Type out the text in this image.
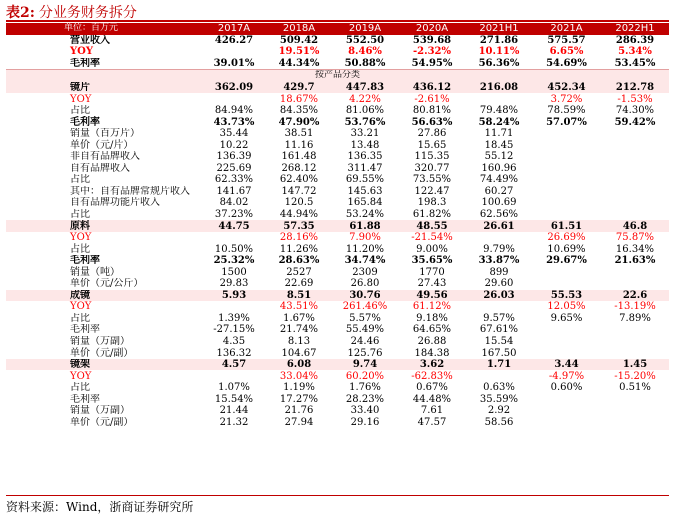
表2: 分业务财务拆分
单位：百万元	2017A	2018A	2019A	2020A	2021H1	2021A	2022H1
营业收入	426.27	509.42	552.50	539.68	271.86	575.57	286.39
YOY		19.51%	8.46%	-2.32%	10.11%	6.65%	5.34%
毛利率	39.01%	44.34%	50.88%	54.95%	56.36%	54.69%	53.45%
按产品分类							
镜片	362.09	429.7	447.83	436.12	216.08	452.34	212.78
YOY		18.67%	4.22%	-2.61%		3.72%	-1.53%
占比	84.94%	84.35%	81.06%	80.81%	79.48%	78.59%	74.30%
毛利率	43.73%	47.90%	53.76%	56.63%	58.24%	57.07%	59.42%
销量（百万片）	35.44	38.51	33.21	27.86	11.71		
单价（元/片）	10.22	11.16	13.48	15.65	18.45		
非自有品牌收入	136.39	161.48	136.35	115.35	55.12		
自有品牌收入	225.69	268.12	311.47	320.77	160.96		
占比	62.33%	62.40%	69.55%	73.55%	74.49%		
其中：自有品牌常规片收入	141.67	147.72	145.63	122.47	60.27		
自有品牌功能片收入	84.02	120.5	165.84	198.3	100.69		
占比	37.23%	44.94%	53.24%	61.82%	62.56%		
原料	44.75	57.35	61.88	48.55	26.61	61.51	46.8
YOY		28.16%	7.90%	-21.54%		26.69%	75.87%
占比	10.50%	11.26%	11.20%	9.00%	9.79%	10.69%	16.34%
毛利率	25.32%	28.63%	34.74%	35.65%	33.87%	29.67%	21.63%
销量（吨）	1500	2527	2309	1770	899		
单价（元/公斤）	29.83	22.69	26.80	27.43	29.60		
成镜	5.93	8.51	30.76	49.56	26.03	55.53	22.6
YOY		43.51%	261.46%	61.12%		12.05%	-13.19%
占比	1.39%	1.67%	5.57%	9.18%	9.57%	9.65%	7.89%
毛利率	-27.15%	21.74%	55.49%	64.65%	67.61%		
销量（万副）	4.35	8.13	24.46	26.88	15.54		
单价（元/副）	136.32	104.67	125.76	184.38	167.50		
镜架	4.57	6.08	9.74	3.62	1.71	3.44	1.45
YOY		33.04%	60.20%	-62.83%		-4.97%	-15.20%
占比	1.07%	1.19%	1.76%	0.67%	0.63%	0.60%	0.51%
毛利率	15.54%	17.27%	28.23%	44.48%	35.59%		
销量（万副）	21.44	21.76	33.40	7.61	2.92		
单价（元/副）	21.32	27.94	29.16	47.57	58.56		
资料来源：Wind，浙商证券研究所
